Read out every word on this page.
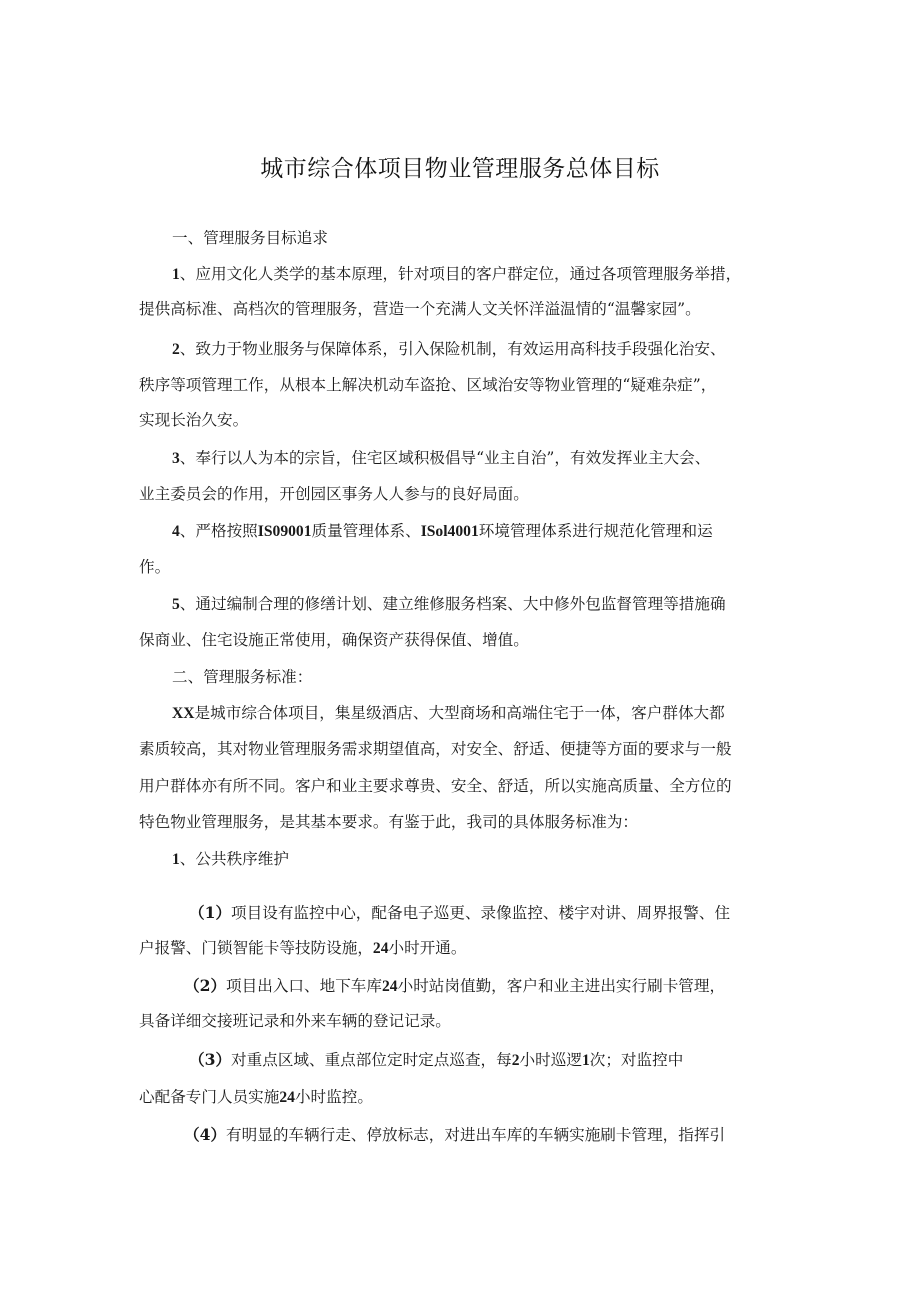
城市综合体项目物业管理服务总体目标
一、管理服务目标追求
1、应用文化人类学的基本原理，针对项目的客户群定位，通过各项管理服务举措，
提供高标准、高档次的管理服务，营造一个充满人文关怀洋溢温情的“温馨家园”。
2、致力于物业服务与保障体系，引入保险机制，有效运用高科技手段强化治安、
秩序等项管理工作，从根本上解决机动车盗抢、区域治安等物业管理的“疑难杂症”，
实现长治久安。
3、奉行以人为本的宗旨，住宅区域积极倡导“业主自治”，有效发挥业主大会、
业主委员会的作用，开创园区事务人人参与的良好局面。
4、严格按照IS09001质量管理体系、ISol4001环境管理体系进行规范化管理和运
作。
5、通过编制合理的修缮计划、建立维修服务档案、大中修外包监督管理等措施确
保商业、住宅设施正常使用，确保资产获得保值、增值。
二、管理服务标准：
XX是城市综合体项目，集星级酒店、大型商场和高端住宅于一体，客户群体大都
素质较高，其对物业管理服务需求期望值高，对安全、舒适、便捷等方面的要求与一般
用户群体亦有所不同。客户和业主要求尊贵、安全、舒适，所以实施高质量、全方位的
特色物业管理服务，是其基本要求。有鉴于此，我司的具体服务标准为：
1、公共秩序维护
（1）项目设有监控中心，配备电子巡更、录像监控、楼宇对讲、周界报警、住
户报警、门锁智能卡等技防设施，24小时开通。
（2）项目出入口、地下车库24小时站岗值勤，客户和业主进出实行刷卡管理，
具备详细交接班记录和外来车辆的登记记录。
（3）对重点区域、重点部位定时定点巡查，每2小时巡逻1次；对监控中
心配备专门人员实施24小时监控。
（4）有明显的车辆行走、停放标志，对进出车库的车辆实施刷卡管理，指挥引
